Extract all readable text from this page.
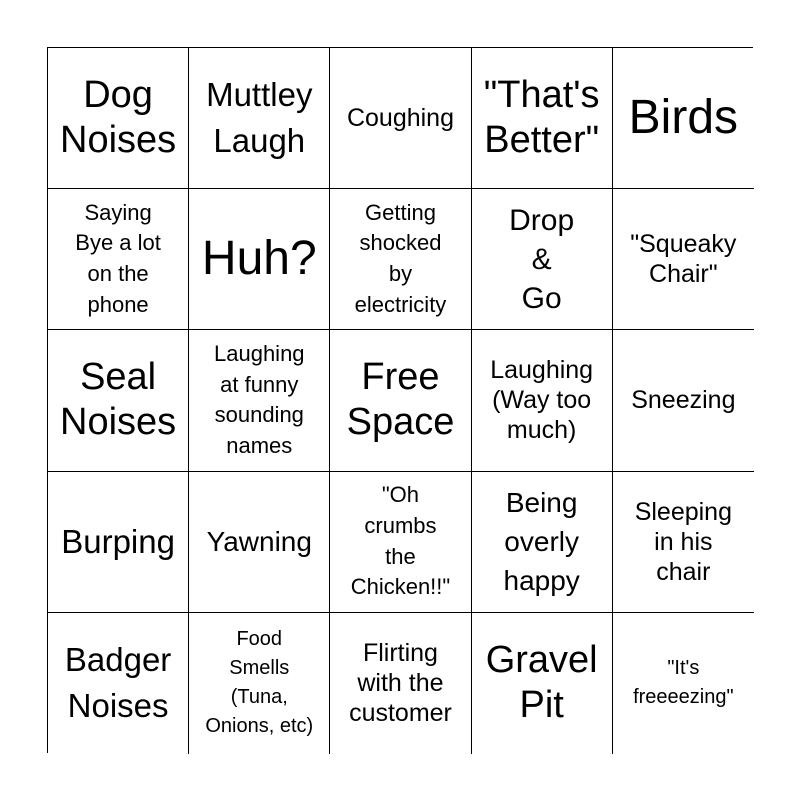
Dog
Noises
Muttley
Laugh
Coughing
"That's
Better" Birds
Saying
Bye a lot
on the
phone
Huh?
Getting
shocked
by
electricity
Drop
&
Go
"Squeaky
Chair"
Seal
Noises
Laughing
at funny
sounding
names
Free
Space
Laughing
(Way too
much)
Sneezing
Burping Yawning
"Oh
crumbs
the
Chicken!!"
Being
overly
happy
Sleeping
in his
chair
Badger
Noises
Food
Smells
(Tuna,
Onions, etc)
Flirting
with the
customer
Gravel
Pit
"It's
freeeezing"
